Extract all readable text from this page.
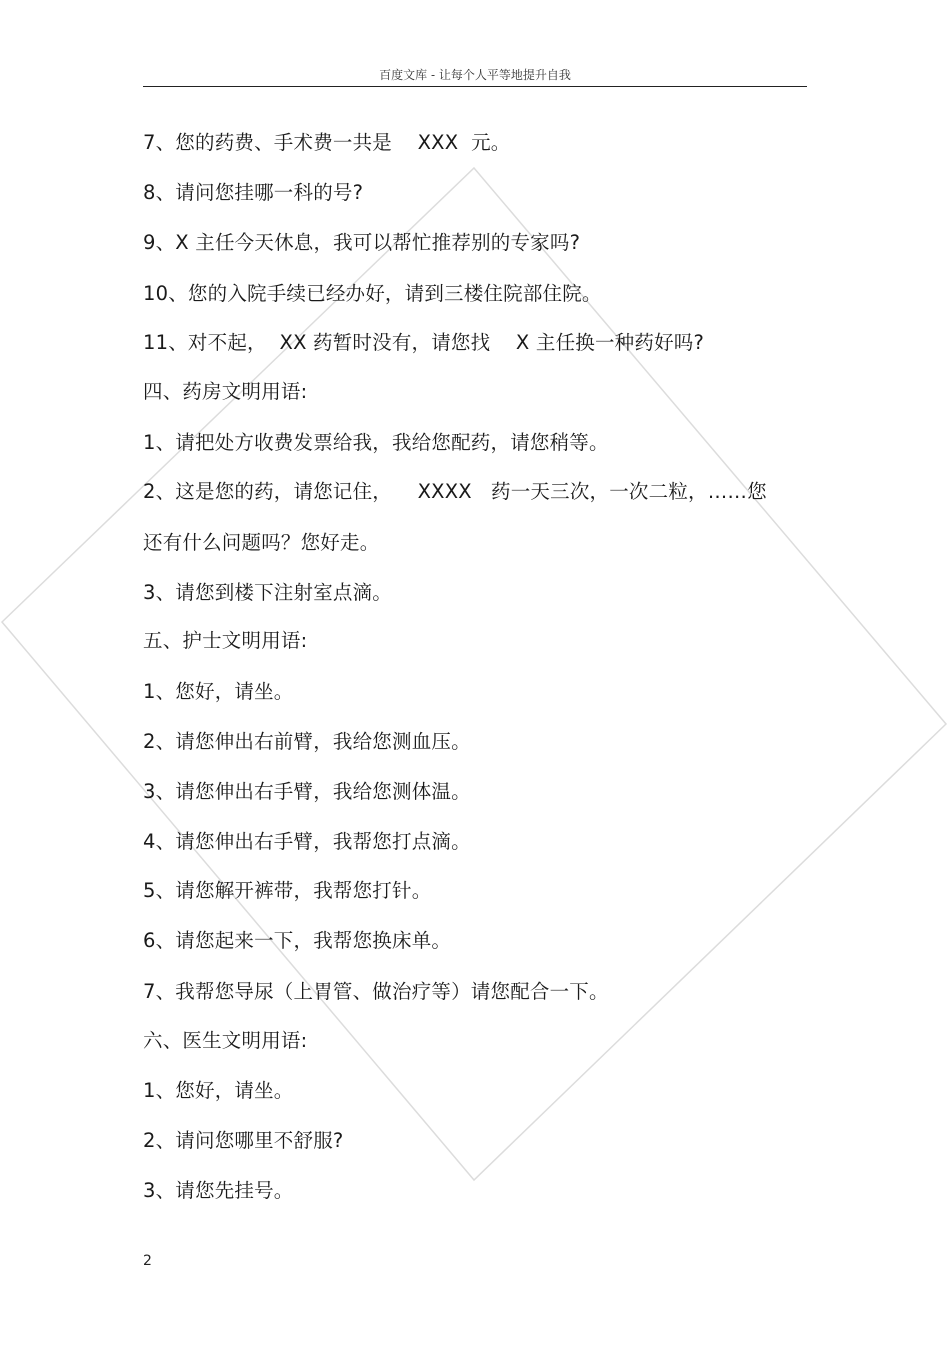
百度文库 - 让每个人平等地提升自我
7、您的药费、手术费一共是    XXX  元。
8、请问您挂哪一科的号?
9、X 主任今天休息，我可以帮忙推荐别的专家吗?
10、您的入院手续已经办好，请到三楼住院部住院。
11、对不起，  XX 药暂时没有，请您找    X 主任换一种药好吗?
四、药房文明用语:
1、请把处方收费发票给我，我给您配药，请您稍等。
2、这是您的药，请您记住，    XXXX   药一天三次，一次二粒，……您
还有什么问题吗？您好走。
3、请您到楼下注射室点滴。
五、护士文明用语:
1、您好，请坐。
2、请您伸出右前臂，我给您测血压。
3、请您伸出右手臂，我给您测体温。
4、请您伸出右手臂，我帮您打点滴。
5、请您解开裤带，我帮您打针。
6、请您起来一下，我帮您换床单。
7、我帮您导尿（上胃管、做治疗等）请您配合一下。
六、医生文明用语:
1、您好，请坐。
2、请问您哪里不舒服?
3、请您先挂号。
2
